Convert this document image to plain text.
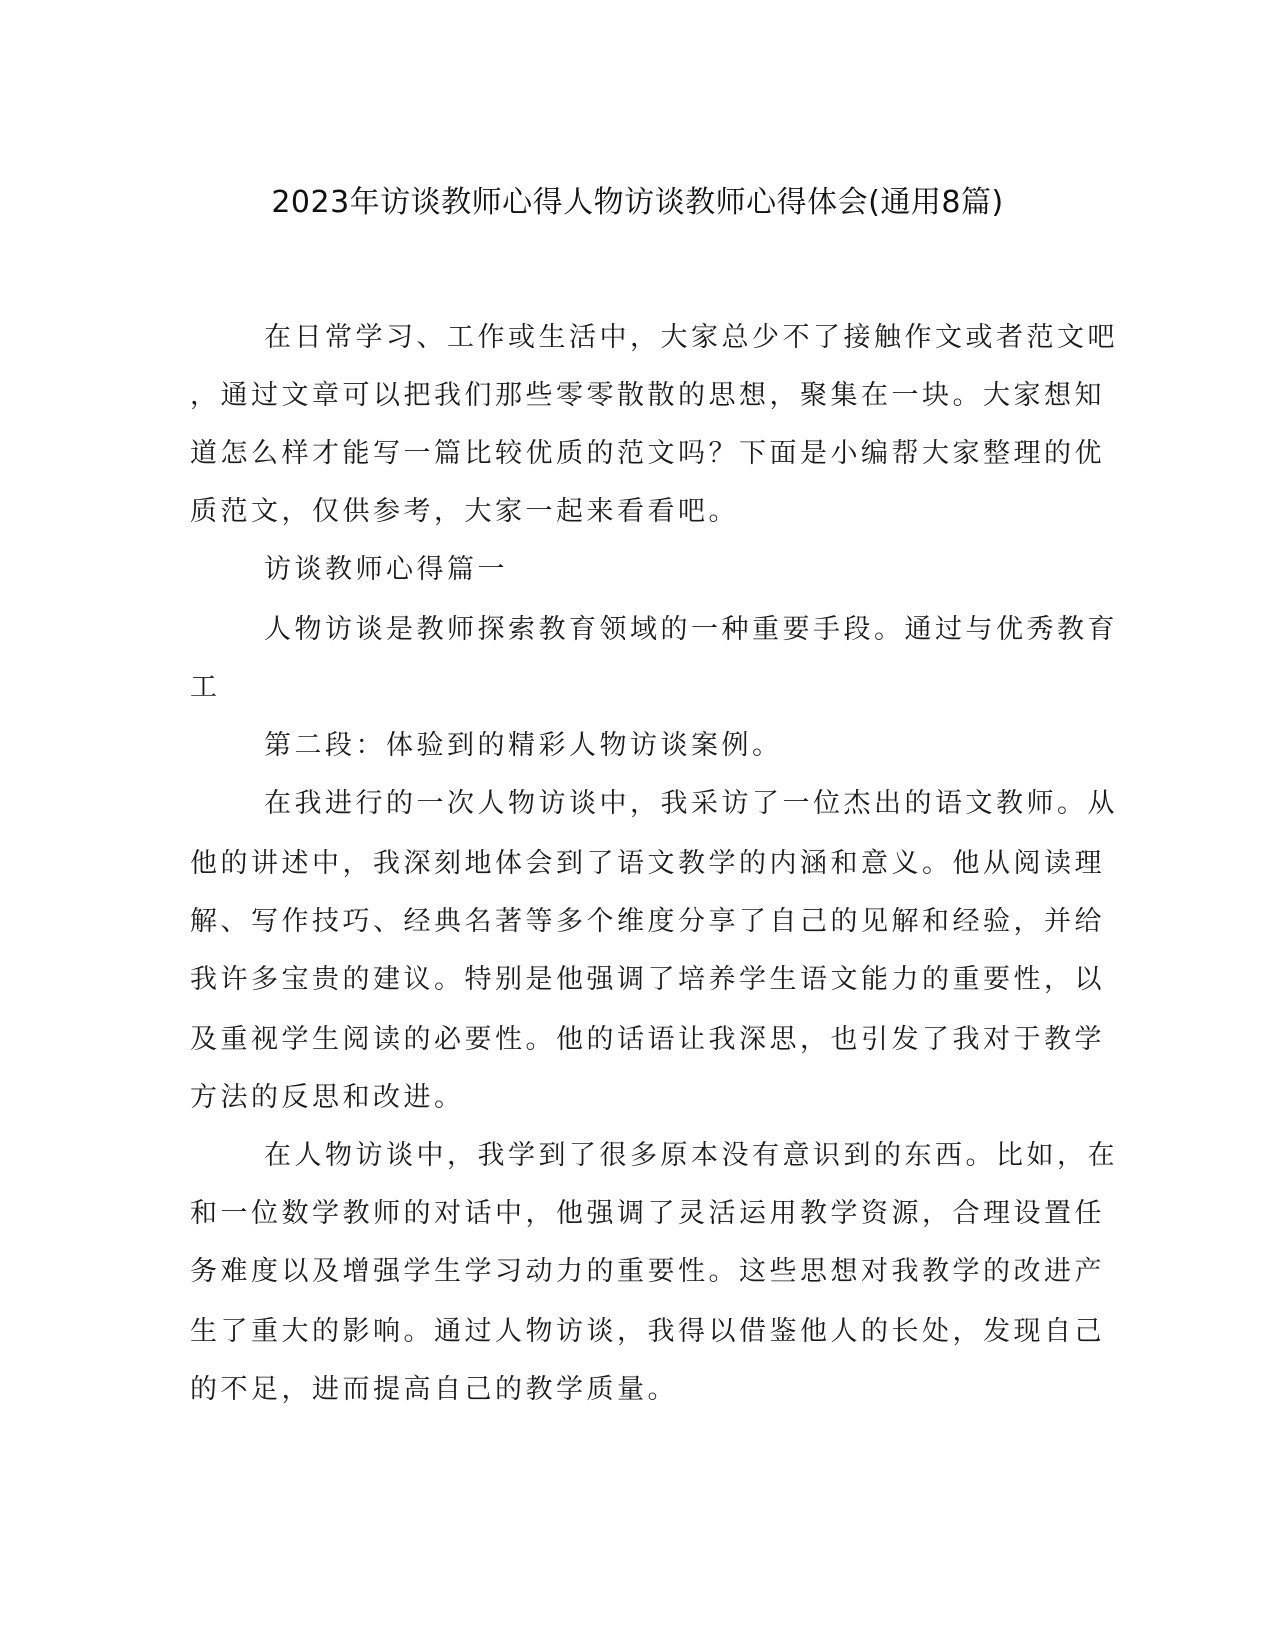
2023年访谈教师心得人物访谈教师心得体会(通用8篇)

在日常学习、工作或生活中，大家总少不了接触作文或者范文吧

，通过文章可以把我们那些零零散散的思想，聚集在一块。大家想知

道怎么样才能写一篇比较优质的范文吗？下面是小编帮大家整理的优

质范文，仅供参考，大家一起来看看吧。

访谈教师心得篇一

人物访谈是教师探索教育领域的一种重要手段。通过与优秀教育

工

第二段：体验到的精彩人物访谈案例。

在我进行的一次人物访谈中，我采访了一位杰出的语文教师。从

他的讲述中，我深刻地体会到了语文教学的内涵和意义。他从阅读理

解、写作技巧、经典名著等多个维度分享了自己的见解和经验，并给

我许多宝贵的建议。特别是他强调了培养学生语文能力的重要性，以

及重视学生阅读的必要性。他的话语让我深思，也引发了我对于教学

方法的反思和改进。

在人物访谈中，我学到了很多原本没有意识到的东西。比如，在

和一位数学教师的对话中，他强调了灵活运用教学资源，合理设置任

务难度以及增强学生学习动力的重要性。这些思想对我教学的改进产

生了重大的影响。通过人物访谈，我得以借鉴他人的长处，发现自己

的不足，进而提高自己的教学质量。
